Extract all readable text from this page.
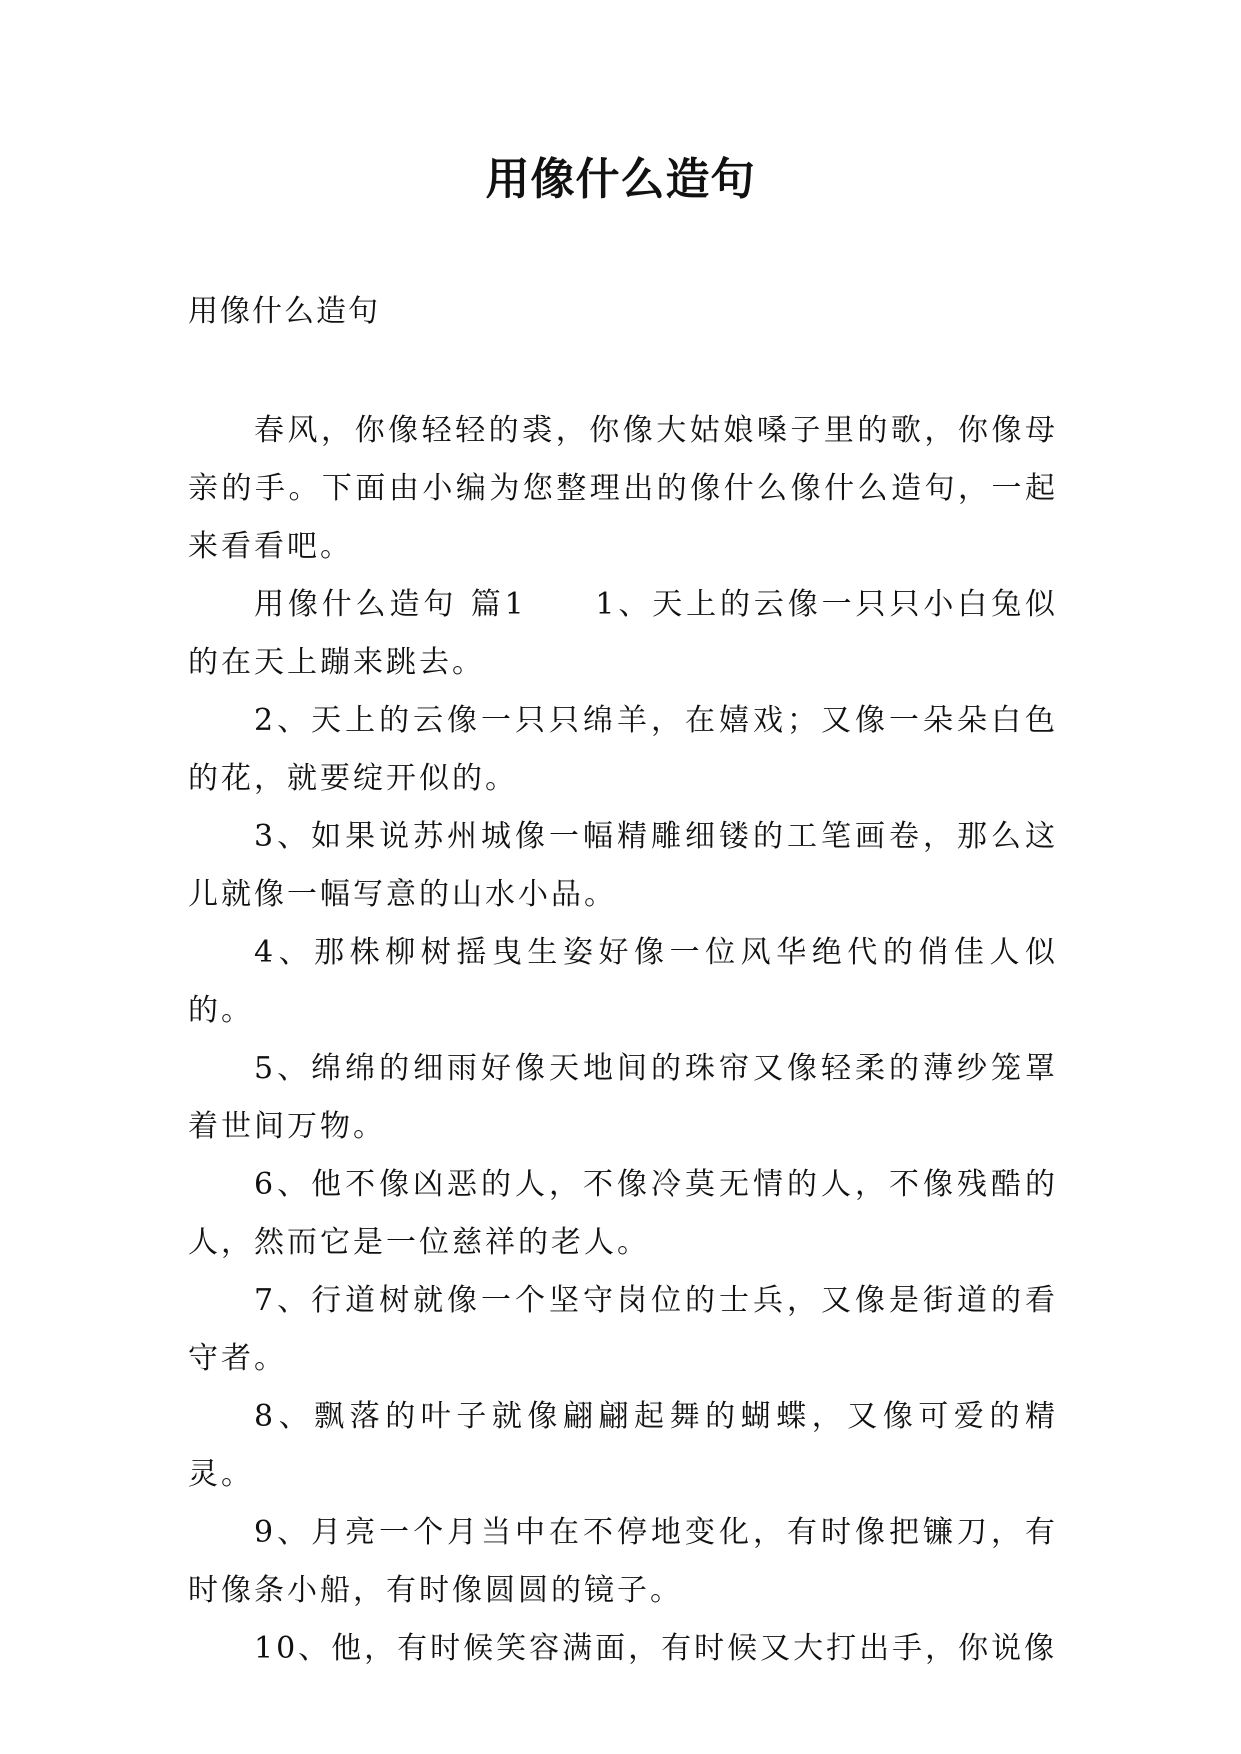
用像什么造句
用像什么造句

春风，你像轻轻的裘，你像大姑娘嗓子里的歌，你像母亲的手。下面由小编为您整理出的像什么像什么造句，一起来看看吧。

用像什么造句 篇1　　1、天上的云像一只只小白兔似的在天上蹦来跳去。

2、天上的云像一只只绵羊，在嬉戏；又像一朵朵白色的花，就要绽开似的。

3、如果说苏州城像一幅精雕细镂的工笔画卷，那么这儿就像一幅写意的山水小品。

4、那株柳树摇曳生姿好像一位风华绝代的俏佳人似的。

5、绵绵的细雨好像天地间的珠帘又像轻柔的薄纱笼罩着世间万物。

6、他不像凶恶的人，不像冷莫无情的人，不像残酷的人，然而它是一位慈祥的老人。

7、行道树就像一个坚守岗位的士兵，又像是街道的看守者。

8、飘落的叶子就像翩翩起舞的蝴蝶，又像可爱的精灵。

9、月亮一个月当中在不停地变化，有时像把镰刀，有时像条小船，有时像圆圆的镜子。

10、他，有时候笑容满面，有时候又大打出手，你说像
